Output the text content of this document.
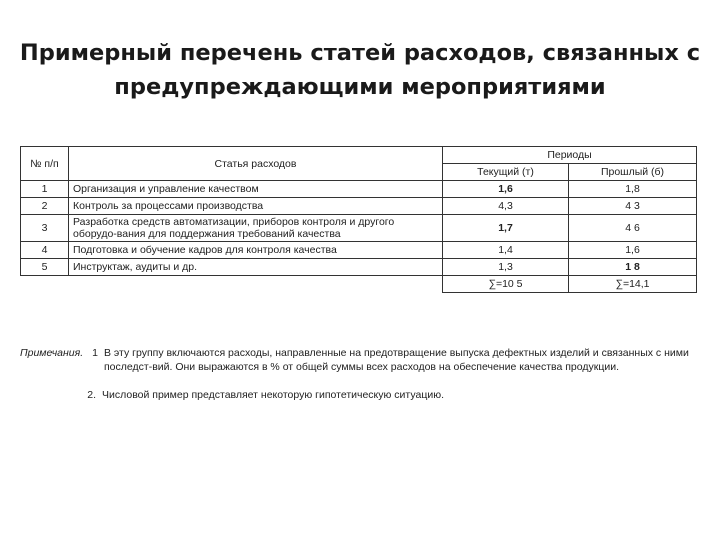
Примерный перечень статей расходов, связанных с
предупреждающими мероприятиями
№ п/п	Статья расходов	Периоды	
		Текущий (т)	Прошлый (б)
1	Организация и управление качеством	1,6	1,8
2	Контроль за процессами производства	4,3	4 3
3	Разработка средств автоматизации, приборов контроля и другого оборудо-вания для поддержания требований качества	1,7	4 6
4	Подготовка и обучение кадров для контроля качества	1,4	1,6
5	Инструктаж, аудиты и др.	1,3	1 8
		∑=10 5	∑=14,1
Примечания. 1 В эту группу включаются расходы, направленные на предотвращение выпуска дефектных изделий и связанных с ними последст-вий. Они выражаются в % от общей суммы всех расходов на обеспечение качества продукции.
2. Числовой пример представляет некоторую гипотетическую ситуацию.
